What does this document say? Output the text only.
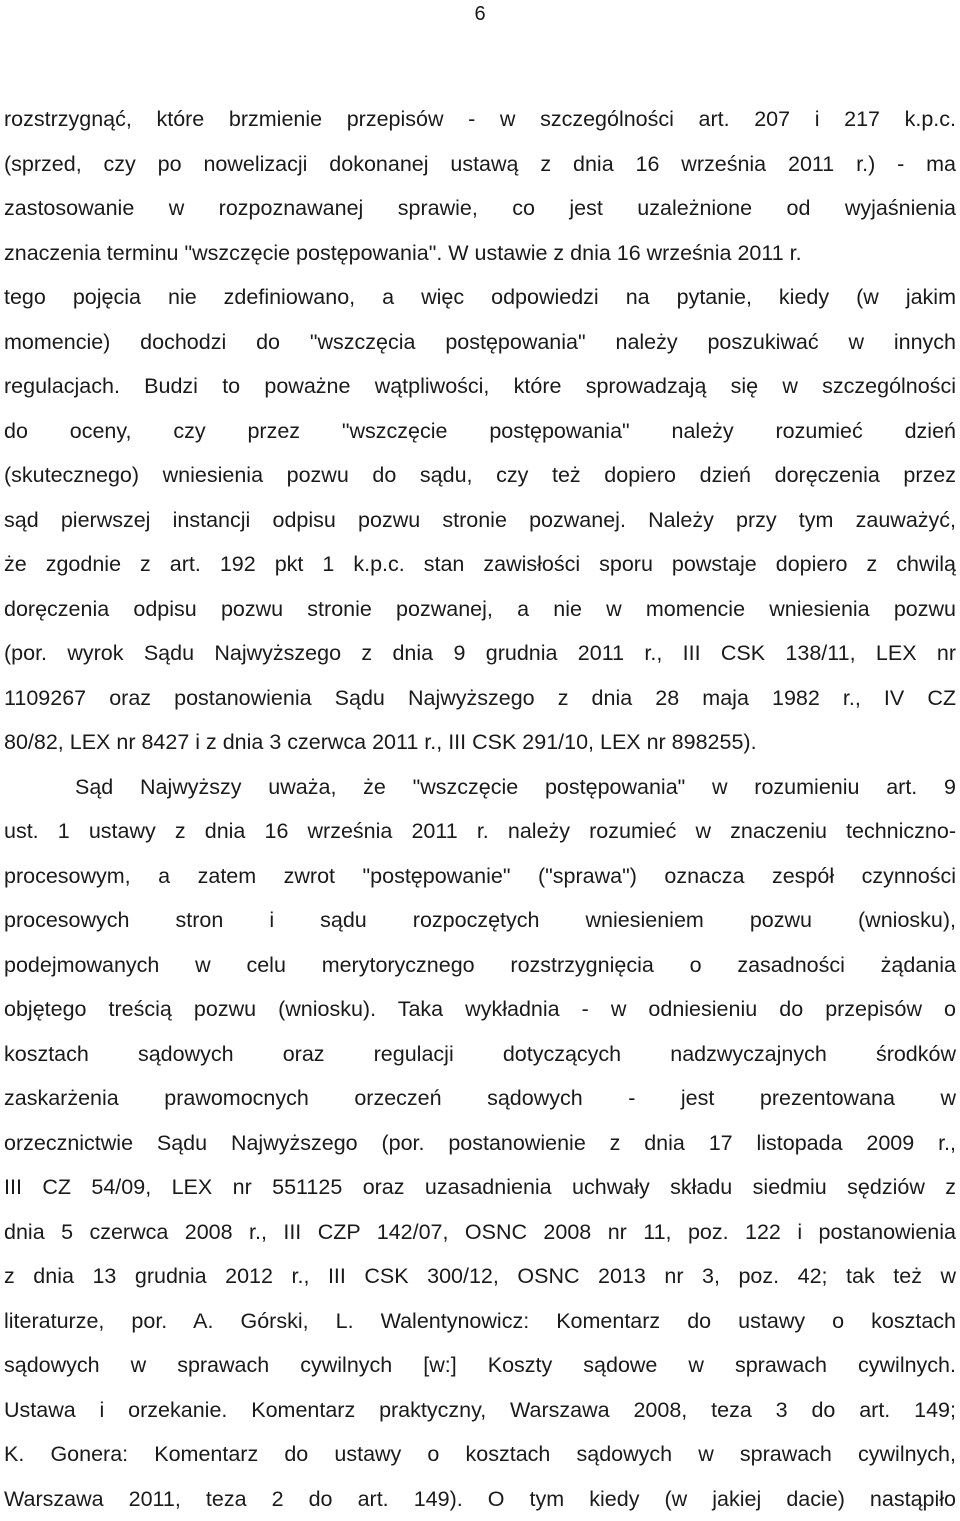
6
rozstrzygnąć, które brzmienie przepisów - w szczególności art. 207 i 217 k.p.c.
(sprzed, czy po nowelizacji dokonanej ustawą z dnia 16 września 2011 r.) - ma
zastosowanie w rozpoznawanej sprawie, co jest uzależnione od wyjaśnienia
znaczenia terminu "wszczęcie postępowania". W ustawie z dnia 16 września 2011 r.
tego pojęcia nie zdefiniowano, a więc odpowiedzi na pytanie, kiedy (w jakim
momencie) dochodzi do "wszczęcia postępowania" należy poszukiwać w innych
regulacjach. Budzi to poważne wątpliwości, które sprowadzają się w szczególności
do oceny, czy przez "wszczęcie postępowania" należy rozumieć dzień
(skutecznego) wniesienia pozwu do sądu, czy też dopiero dzień doręczenia przez
sąd pierwszej instancji odpisu pozwu stronie pozwanej. Należy przy tym zauważyć,
że zgodnie z art. 192 pkt 1 k.p.c. stan zawisłości sporu powstaje dopiero z chwilą
doręczenia odpisu pozwu stronie pozwanej, a nie w momencie wniesienia pozwu
(por. wyrok Sądu Najwyższego z dnia 9 grudnia 2011 r., III CSK 138/11, LEX nr
1109267 oraz postanowienia Sądu Najwyższego z dnia 28 maja 1982 r., IV CZ
80/82, LEX nr 8427 i z dnia 3 czerwca 2011 r., III CSK 291/10, LEX nr 898255).
Sąd Najwyższy uważa, że "wszczęcie postępowania" w rozumieniu art. 9
ust. 1 ustawy z dnia 16 września 2011 r. należy rozumieć w znaczeniu techniczno-
procesowym, a zatem zwrot "postępowanie" ("sprawa") oznacza zespół czynności
procesowych stron i sądu rozpoczętych wniesieniem pozwu (wniosku),
podejmowanych w celu merytorycznego rozstrzygnięcia o zasadności żądania
objętego treścią pozwu (wniosku). Taka wykładnia - w odniesieniu do przepisów o
kosztach sądowych oraz regulacji dotyczących nadzwyczajnych środków
zaskarżenia prawomocnych orzeczeń sądowych - jest prezentowana w
orzecznictwie Sądu Najwyższego (por. postanowienie z dnia 17 listopada 2009 r.,
III CZ 54/09, LEX nr 551125 oraz uzasadnienia uchwały składu siedmiu sędziów z
dnia 5 czerwca 2008 r., III CZP 142/07, OSNC 2008 nr 11, poz. 122 i postanowienia
z dnia 13 grudnia 2012 r., III CSK 300/12, OSNC 2013 nr 3, poz. 42; tak też w
literaturze, por. A. Górski, L. Walentynowicz: Komentarz do ustawy o kosztach
sądowych w sprawach cywilnych [w:] Koszty sądowe w sprawach cywilnych.
Ustawa i orzekanie. Komentarz praktyczny, Warszawa 2008, teza 3 do art. 149;
K. Gonera: Komentarz do ustawy o kosztach sądowych w sprawach cywilnych,
Warszawa 2011, teza 2 do art. 149). O tym kiedy (w jakiej dacie) nastąpiło
